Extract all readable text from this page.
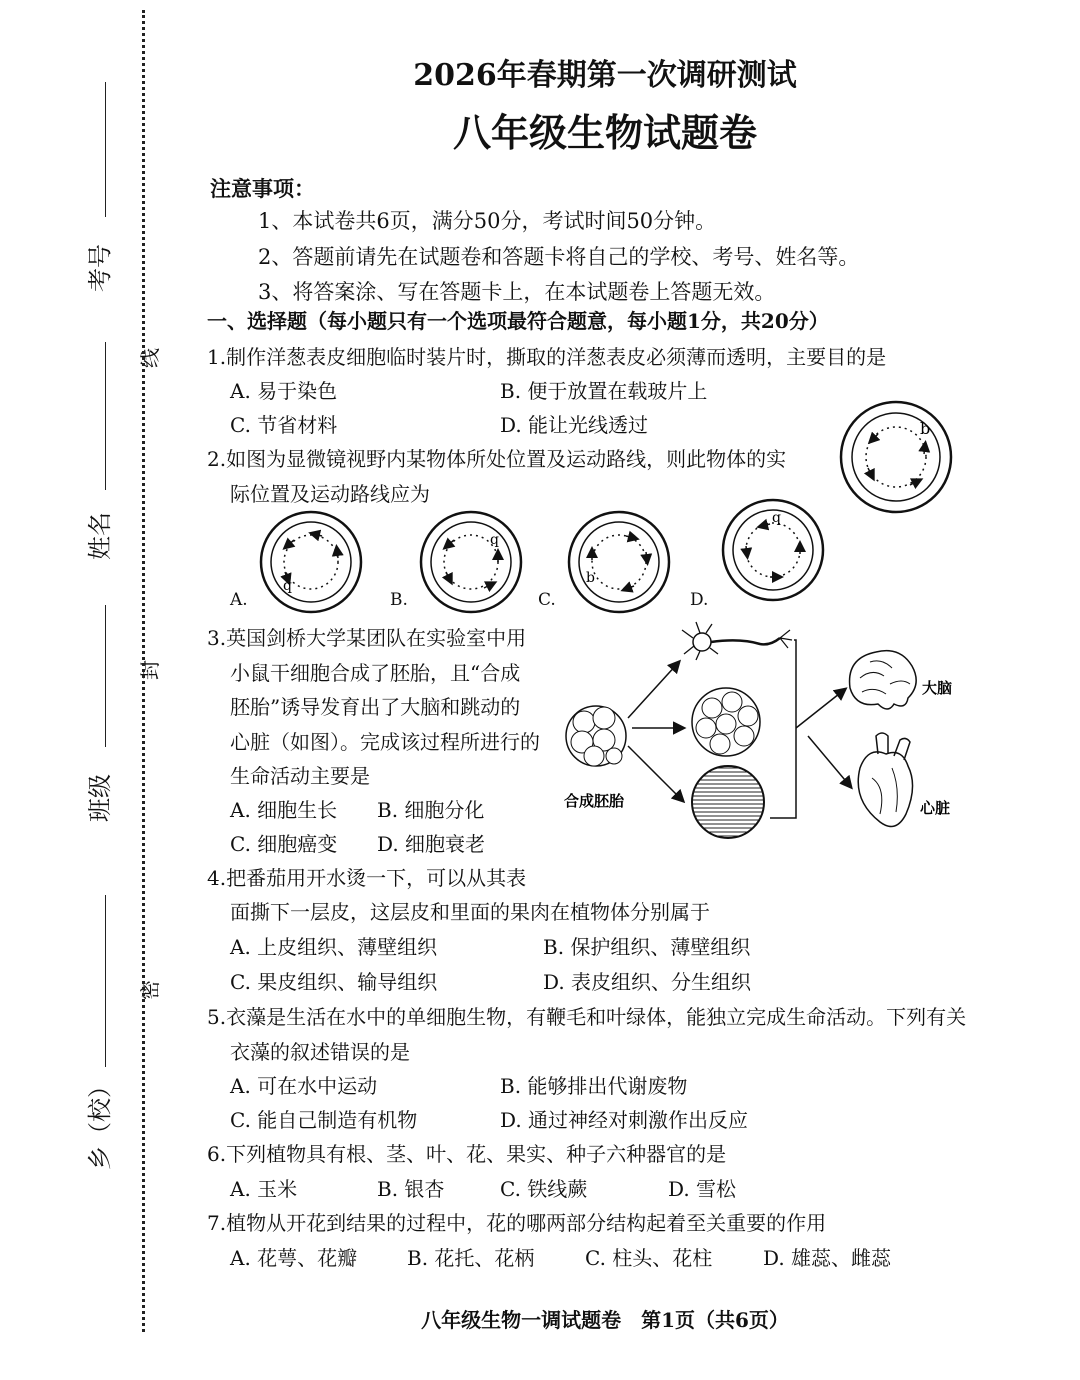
考号
姓名
班级
乡（校）
线
封
密
2026年春期第一次调研测试
八年级生物试题卷
注意事项：
1、本试卷共6页，满分50分，考试时间50分钟。
2、答题前请先在试题卷和答题卡将自己的学校、考号、姓名等。
3、将答案涂、写在答题卡上，在本试题卷上答题无效。
一、选择题（每小题只有一个选项最符合题意，每小题1分，共20分）
1.制作洋葱表皮细胞临时装片时，撕取的洋葱表皮必须薄而透明，主要目的是
A. 易于染色	B. 便于放置在载玻片上
C. 节省材料	D. 能让光线透过
2.如图为显微镜视野内某物体所处位置及运动路线，则此物体的实
际位置及运动路线应为
b
q
A.
q
B.
b
C.
q
D.
3.英国剑桥大学某团队在实验室中用
小鼠干细胞合成了胚胎，且“合成
胚胎”诱导发育出了大脑和跳动的
心脏（如图）。完成该过程所进行的
生命活动主要是
A. 细胞生长 B. 细胞分化
C. 细胞癌变 D. 细胞衰老
合成胚胎
大脑
心脏
4.把番茄用开水烫一下，可以从其表
面撕下一层皮，这层皮和里面的果肉在植物体分别属于
A. 上皮组织、薄壁组织	B. 保护组织、薄壁组织
C. 果皮组织、输导组织	D. 表皮组织、分生组织
5.衣藻是生活在水中的单细胞生物，有鞭毛和叶绿体，能独立完成生命活动。下列有关
衣藻的叙述错误的是
A. 可在水中运动	B. 能够排出代谢废物
C. 能自己制造有机物	D. 通过神经对刺激作出反应
6.下列植物具有根、茎、叶、花、果实、种子六种器官的是
A. 玉米	B. 银杏	C. 铁线蕨	D. 雪松
7.植物从开花到结果的过程中，花的哪两部分结构起着至关重要的作用
A. 花萼、花瓣 B. 花托、花柄	C. 柱头、花柱	D. 雄蕊、雌蕊
八年级生物一调试题卷　第1页（共6页）
